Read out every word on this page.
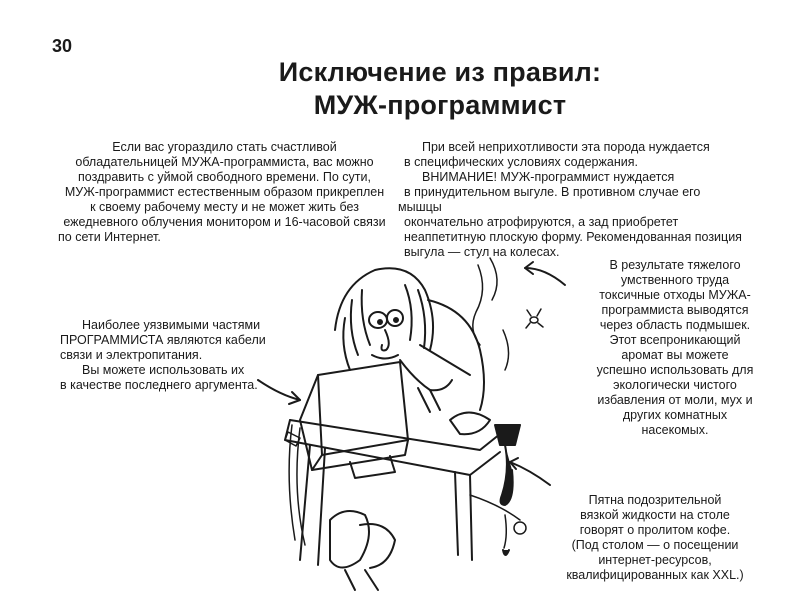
30
Исключение из правил:
МУЖ-программист

Если вас угораздило стать счастливой

обладательницей МУЖА-программиста, вас можно

поздравить с уймой свободного времени. По сути,

МУЖ-программист естественным образом прикреплен

к своему рабочему месту и не может жить без

ежедневного облучения монитором и 16-часовой связи

по сети Интернет.

При всей неприхотливости эта порода нуждается

в специфических условиях содержания.

ВНИМАНИЕ! МУЖ-программист нуждается

в принудительном выгуле. В противном случае его мышцы

окончательно атрофируются, а зад приобретет

неаппетитную плоскую форму. Рекомендованная позиция

выгула — стул на колесах.

Наиболее уязвимыми частями

ПРОГРАММИСТА являются кабели

связи и электропитания.

Вы можете использовать их

в качестве последнего аргумента.

В результате тяжелого

умственного труда

токсичные отходы МУЖА-

программиста выводятся

через область подмышек.

Этот всепроникающий

аромат вы можете

успешно использовать для

экологически чистого

избавления от моли, мух и

других комнатных

насекомых.

Пятна подозрительной

вязкой жидкости на столе

говорят о пролитом кофе.

(Под столом — о посещении

интернет-ресурсов,

квалифицированных как XXL.)
